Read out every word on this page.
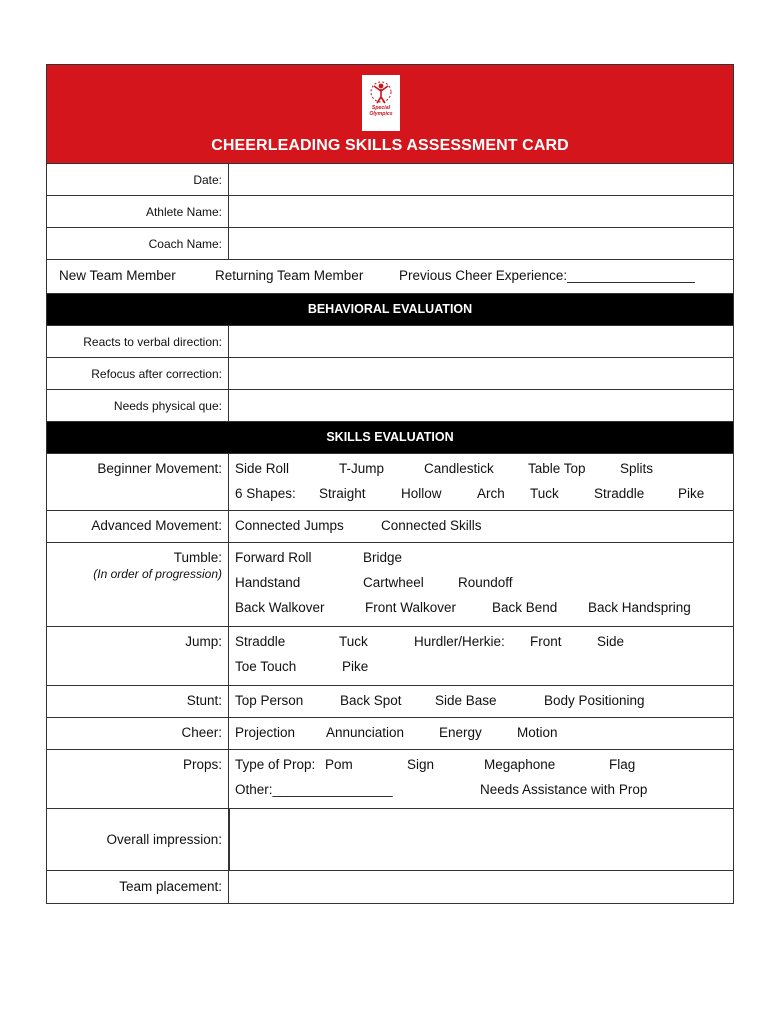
Special Olympics
CHEERLEADING SKILLS ASSESSMENT CARD
Date:
Athlete Name:
Coach Name:
New Team Member	Returning Team Member	Previous Cheer Experience:_________________
BEHAVIORAL EVALUATION
Reacts to verbal direction:
Refocus after correction:
Needs physical que:
SKILLS EVALUATION
Beginner Movement: Side Roll	T-Jump	Candlestick	Table Top	Splits
6 Shapes: Straight	Hollow	Arch Tuck	Straddle Pike
Advanced Movement: Connected Jumps	Connected Skills
Tumble:
(In order of progression)
Forward Roll	Bridge
Handstand	Cartwheel	Roundoff
Back Walkover	Front Walkover	Back Bend Back Handspring
Jump: Straddle	Tuck	Hurdler/Herkie: Front	Side
Toe Touch	Pike
Stunt: Top Person	Back Spot Side Base	Body Positioning
Cheer: Projection Annunciation	Energy	Motion
Props: Type of Prop: Pom	Sign	Megaphone	Flag
Other:________________	Needs Assistance with Prop
Overall impression:
Team placement:
